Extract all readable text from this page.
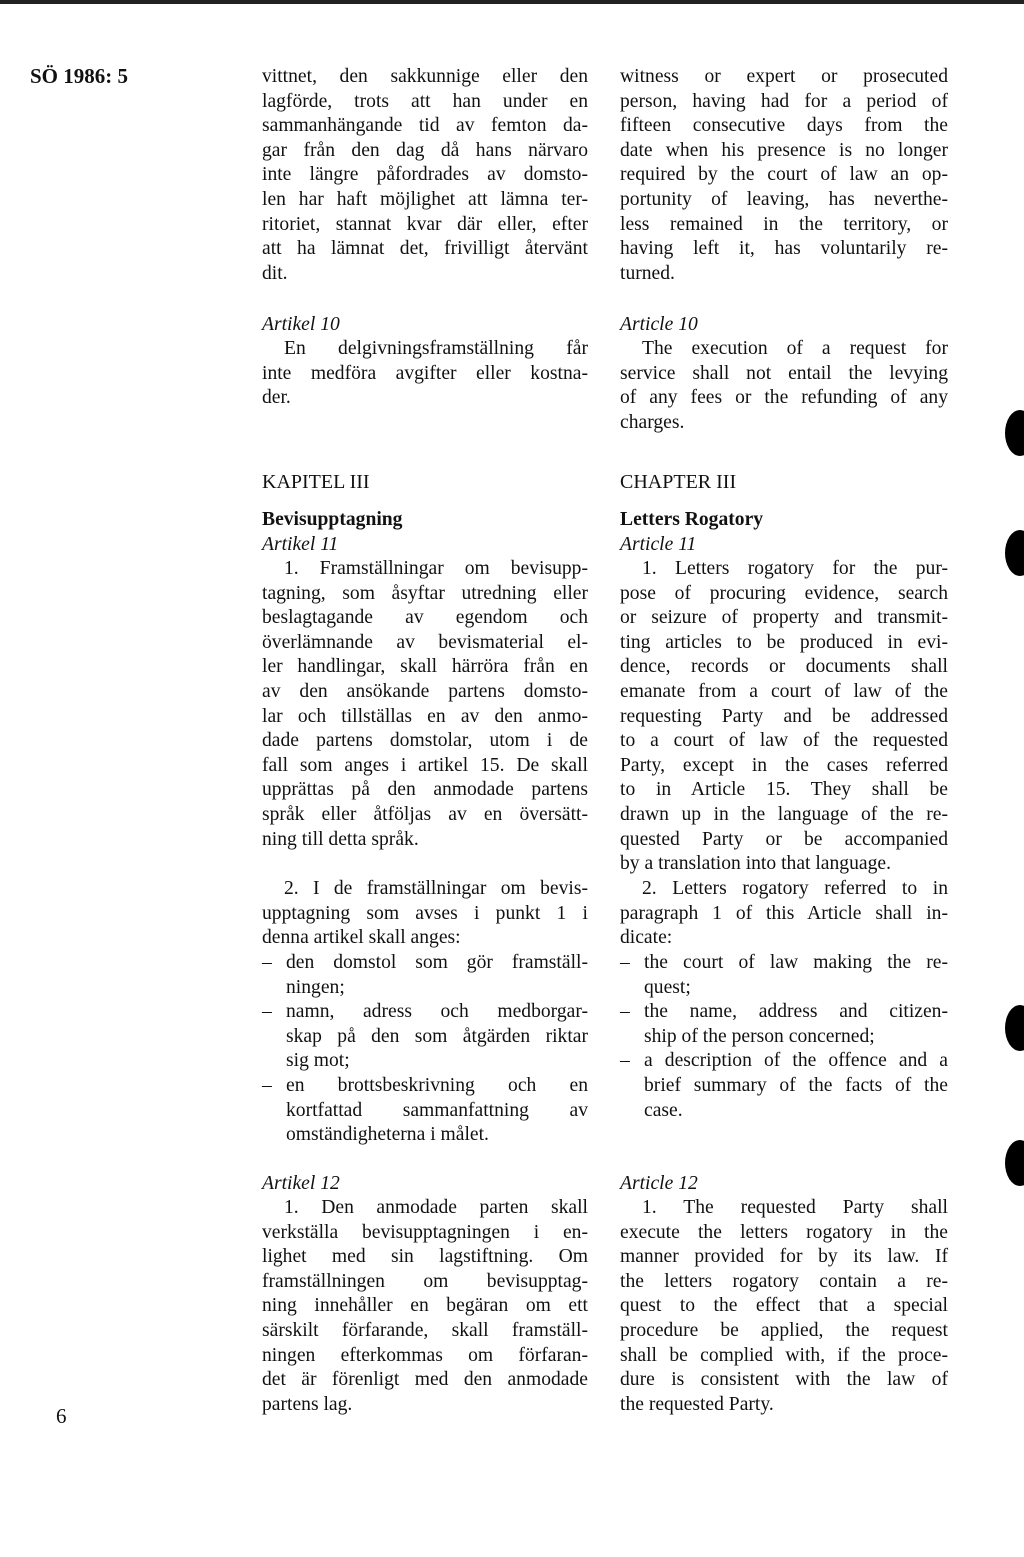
SÖ 1986: 5
6
vittnet, den sakkunnige eller den
lagförde, trots att han under en
sammanhängande tid av femton da-
gar från den dag då hans närvaro
inte längre påfordrades av domsto-
len har haft möjlighet att lämna ter-
ritoriet, stannat kvar där eller, efter
att ha lämnat det, frivilligt återvänt
dit.
Artikel 10
En delgivningsframställning får
inte medföra avgifter eller kostna-
der.
KAPITEL III
Bevisupptagning
Artikel 11
1. Framställningar om bevisupp-
tagning, som åsyftar utredning eller
beslagtagande av egendom och
överlämnande av bevismaterial el-
ler handlingar, skall härröra från en
av den ansökande partens domsto-
lar och tillställas en av den anmo-
dade partens domstolar, utom i de
fall som anges i artikel 15. De skall
upprättas på den anmodade partens
språk eller åtföljas av en översätt-
ning till detta språk.
2. I de framställningar om bevis-
upptagning som avses i punkt 1 i
denna artikel skall anges:
– den domstol som gör framställ-
ningen;
– namn, adress och medborgar-
skap på den som åtgärden riktar
sig mot;
– en brottsbeskrivning och en
kortfattad sammanfattning av
omständigheterna i målet.
Artikel 12
1. Den anmodade parten skall
verkställa bevisupptagningen i en-
lighet med sin lagstiftning. Om
framställningen om bevisupptag-
ning innehåller en begäran om ett
särskilt förfarande, skall framställ-
ningen efterkommas om förfaran-
det är förenligt med den anmodade
partens lag.
witness or expert or prosecuted
person, having had for a period of
fifteen consecutive days from the
date when his presence is no longer
required by the court of law an op-
portunity of leaving, has neverthe-
less remained in the territory, or
having left it, has voluntarily re-
turned.
Article 10
The execution of a request for
service shall not entail the levying
of any fees or the refunding of any
charges.
CHAPTER III
Letters Rogatory
Article 11
1. Letters rogatory for the pur-
pose of procuring evidence, search
or seizure of property and transmit-
ting articles to be produced in evi-
dence, records or documents shall
emanate from a court of law of the
requesting Party and be addressed
to a court of law of the requested
Party, except in the cases referred
to in Article 15. They shall be
drawn up in the language of the re-
quested Party or be accompanied
by a translation into that language.
2. Letters rogatory referred to in
paragraph 1 of this Article shall in-
dicate:
– the court of law making the re-
quest;
– the name, address and citizen-
ship of the person concerned;
– a description of the offence and a
brief summary of the facts of the
case.
Article 12
1. The requested Party shall
execute the letters rogatory in the
manner provided for by its law. If
the letters rogatory contain a re-
quest to the effect that a special
procedure be applied, the request
shall be complied with, if the proce-
dure is consistent with the law of
the requested Party.
